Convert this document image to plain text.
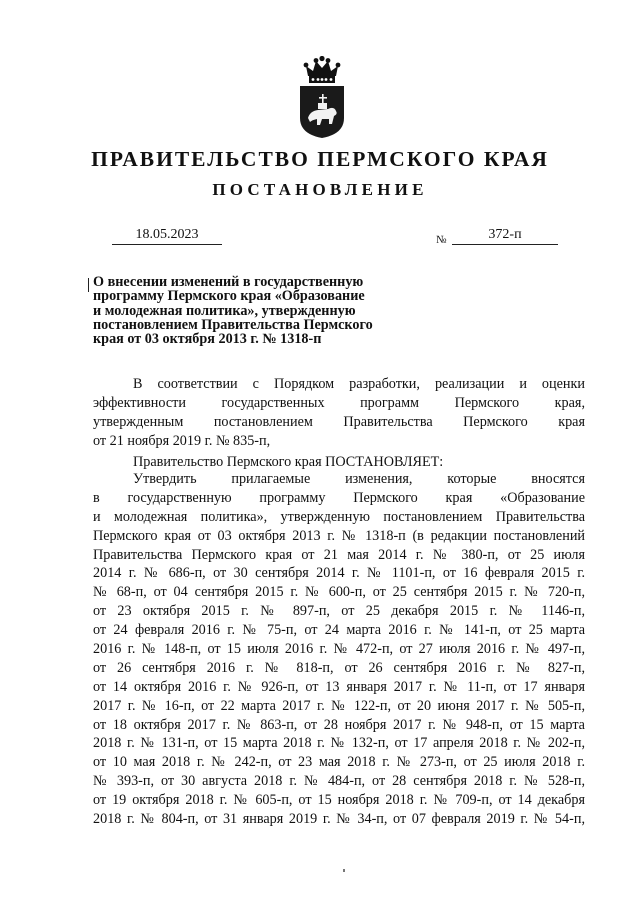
ПРАВИТЕЛЬСТВО ПЕРМСКОГО КРАЯ
ПОСТАНОВЛЕНИЕ
18.05.2023	№	372-п
О внесении изменений в государственную
программу Пермского края «Образование
и молодежная политика», утвержденную
постановлением Правительства Пермского
края от 03 октября 2013 г. № 1318-п
В соответствии с Порядком разработки, реализации и оценки
эффективности государственных программ Пермского края,
утвержденным постановлением Правительства Пермского края
от 21 ноября 2019 г. № 835-п,
Правительство Пермского края ПОСТАНОВЛЯЕТ:
Утвердить прилагаемые изменения, которые вносятся
в государственную программу Пермского края «Образование
и молодежная политика», утвержденную постановлением Правительства
Пермского края от 03 октября 2013 г. № 1318-п (в редакции постановлений
Правительства Пермского края от 21 мая 2014 г. № 380-п, от 25 июля
2014 г. № 686-п, от 30 сентября 2014 г. № 1101-п, от 16 февраля 2015 г.
№ 68-п, от 04 сентября 2015 г. № 600-п, от 25 сентября 2015 г. № 720-п,
от 23 октября 2015 г. № 897-п, от 25 декабря 2015 г. № 1146-п,
от 24 февраля 2016 г. № 75-п, от 24 марта 2016 г. № 141-п, от 25 марта
2016 г. № 148-п, от 15 июля 2016 г. № 472-п, от 27 июля 2016 г. № 497-п,
от 26 сентября 2016 г. № 818-п, от 26 сентября 2016 г. № 827-п,
от 14 октября 2016 г. № 926-п, от 13 января 2017 г. № 11-п, от 17 января
2017 г. № 16-п, от 22 марта 2017 г. № 122-п, от 20 июня 2017 г. № 505-п,
от 18 октября 2017 г. № 863-п, от 28 ноября 2017 г. № 948-п, от 15 марта
2018 г. № 131-п, от 15 марта 2018 г. № 132-п, от 17 апреля 2018 г. № 202-п,
от 10 мая 2018 г. № 242-п, от 23 мая 2018 г. № 273-п, от 25 июля 2018 г.
№ 393-п, от 30 августа 2018 г. № 484-п, от 28 сентября 2018 г. № 528-п,
от 19 октября 2018 г. № 605-п, от 15 ноября 2018 г. № 709-п, от 14 декабря
2018 г. № 804-п, от 31 января 2019 г. № 34-п, от 07 февраля 2019 г. № 54-п,
